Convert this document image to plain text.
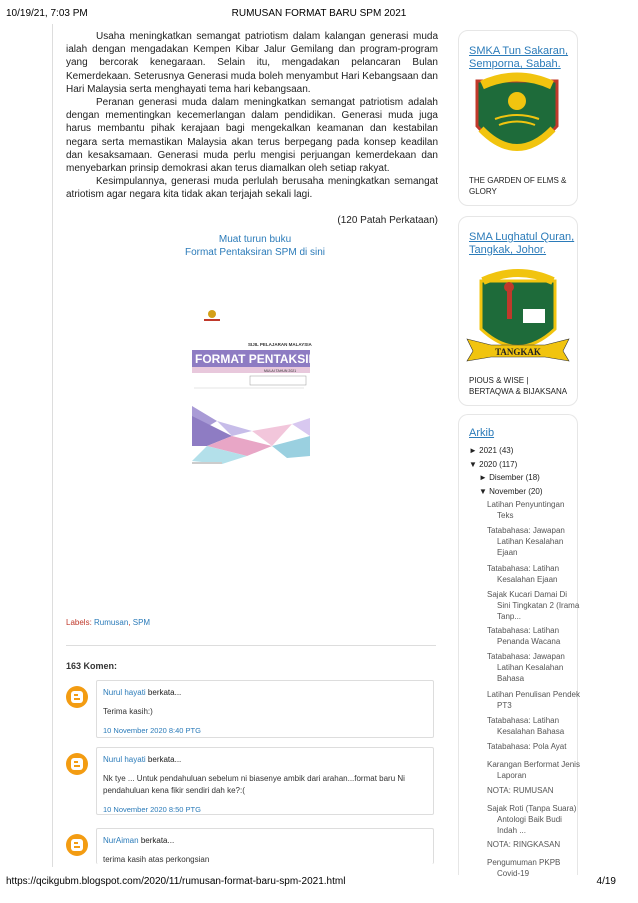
10/19/21, 7:03 PM	RUMUSAN FORMAT BARU SPM 2021

Usaha meningkatkan semangat patriotism dalam kalangan generasi muda ialah dengan mengadakan Kempen Kibar Jalur Gemilang dan program-program yang bercorak kenegaraan. Selain itu, mengadakan pelancaran Bulan Kemerdekaan. Seterusnya Generasi muda boleh menyambut Hari Kebangsaan dan Hari Malaysia serta menghayati tema hari kebangsaan.

Peranan generasi muda dalam meningkatkan semangat patriotism adalah dengan mementingkan kecemerlangan dalam pendidikan. Generasi muda juga harus membantu pihak kerajaan bagi mengekalkan keamanan dan kestabilan negara serta memastikan Malaysia akan terus berpegang pada konsep keadilan dan kesaksamaan. Generasi muda perlu mengisi perjuangan kemerdekaan dan menyebarkan prinsip demokrasi akan terus diamalkan oleh setiap rakyat.

Kesimpulannya, generasi muda perlulah berusaha meningkatkan semangat atriotism agar negara kita tidak akan terjajah sekali lagi.

(120 Patah Perkataan)
Muat turun buku
Format Pentaksiran SPM di sini
SIJIL PELAJARAN MALAYSIA
FORMAT PENTAKSIRAN
MULAI TAHUN 2021
Labels: Rumusan, SPM
163 Komen:
Nurul hayati berkata...
Terima kasih:)
10 November 2020 8:40 PTG
Nurul hayati berkata...
Nk tye ... Untuk pendahuluan sebelum ni biasenye ambik dari arahan...format baru Ni
pendahuluan kena fikir sendiri dah ke?:(
10 November 2020 8:50 PTG
NurAiman berkata...
terima kasih atas perkongsian
SMKA Tun Sakaran, Semporna, Sabah.
THE GARDEN OF ELMS & GLORY
SMA Lughatul Quran, Tangkak, Johor.
TANGKAK
PIOUS & WISE | BERTAQWA & BIJAKSANA
Arkib
► 2021 (43)
▼ 2020 (117)
► Disember (18)
▼ November (20)
Latihan Penyuntingan Teks
Tatabahasa: Jawapan Latihan Kesalahan Ejaan
Tatabahasa: Latihan Kesalahan Ejaan
Sajak Kucari Damai Di Sini Tingkatan 2 (Irama Tanp...
Tatabahasa: Latihan Penanda Wacana
Tatabahasa: Jawapan Latihan Kesalahan Bahasa
Latihan Penulisan Pendek PT3
Tatabahasa: Latihan Kesalahan Bahasa
Tatabahasa: Pola Ayat
Karangan Berformat Jenis Laporan
NOTA: RUMUSAN
Sajak Roti (Tanpa Suara) Antologi Baik Budi Indah ...
NOTA: RINGKASAN
Pengumuman PKPB Covid-19
https://qcikgubm.blogspot.com/2020/11/rumusan-format-baru-spm-2021.html	4/19
